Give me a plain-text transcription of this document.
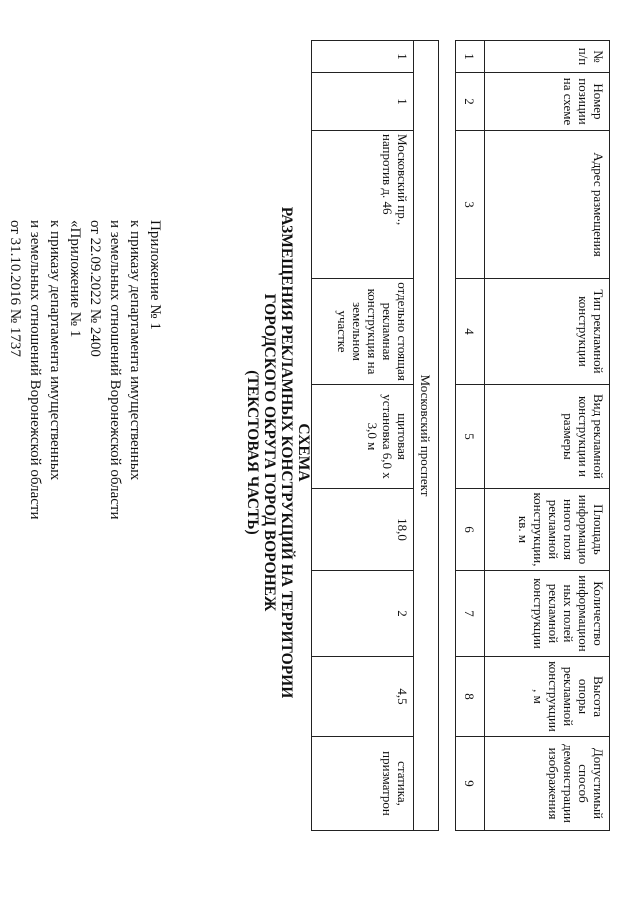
Приложение № 1
к приказу департамента имущественных
и земельных отношений Воронежской области
от 22.09.2022 № 2400
«Приложение № 1
к приказу департамента имущественных
и земельных отношений Воронежской области
от 31.10.2016 № 1737
СХЕМА
РАЗМЕЩЕНИЯ РЕКЛАМНЫХ КОНСТРУКЦИЙ НА ТЕРРИТОРИИ
ГОРОДСКОГО ОКРУГА ГОРОД ВОРОНЕЖ
(ТЕКСТОВАЯ ЧАСТЬ)
№ п/п	Номер позиции на схеме	Адрес размещения	Тип рекламной конструкции	Вид рекламной конструкции и размеры	Площадь информационного поля рекламной конструкции, кв. м	Количество информационных полей рекламной конструкции	Высота опоры рекламной конструкции, м	Допустимый способ демонстрации изображения
1	2	3	4	5	6	7	8	9

Московский проспект								
1	1	Московский пр., напротив д. 46	отдельно стоящая рекламная конструкция на земельном участке	щитовая установка 6,0 х 3,0 м	18,0	2	4,5	статика, призматрон
